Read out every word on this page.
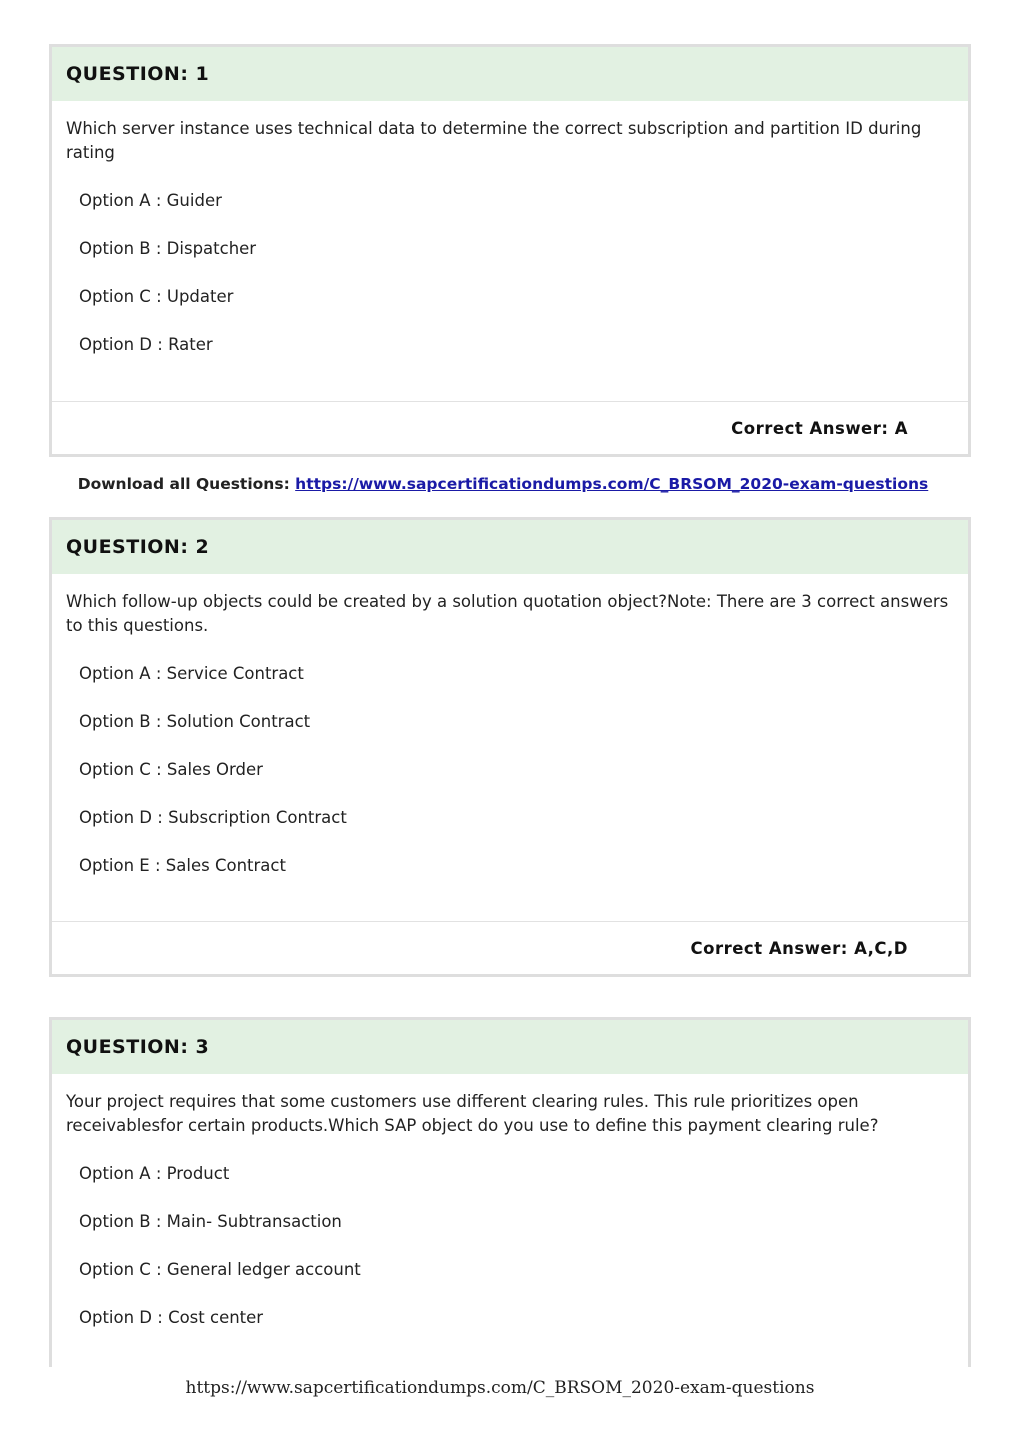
QUESTION: 1
Which server instance uses technical data to determine the correct subscription and partition ID during rating
Option A : Guider
Option B : Dispatcher
Option C : Updater
Option D : Rater
Correct Answer: A
Download all Questions: https://www.sapcertificationdumps.com/C_BRSOM_2020-exam-questions
QUESTION: 2
Which follow-up objects could be created by a solution quotation object?Note: There are 3 correct answers to this questions.
Option A : Service Contract
Option B : Solution Contract
Option C : Sales Order
Option D : Subscription Contract
Option E : Sales Contract
Correct Answer: A,C,D
QUESTION: 3
Your project requires that some customers use different clearing rules. This rule prioritizes open receivablesfor certain products.Which SAP object do you use to define this payment clearing rule?
Option A : Product
Option B : Main- Subtransaction
Option C : General ledger account
Option D : Cost center
https://www.sapcertificationdumps.com/C_BRSOM_2020-exam-questions
